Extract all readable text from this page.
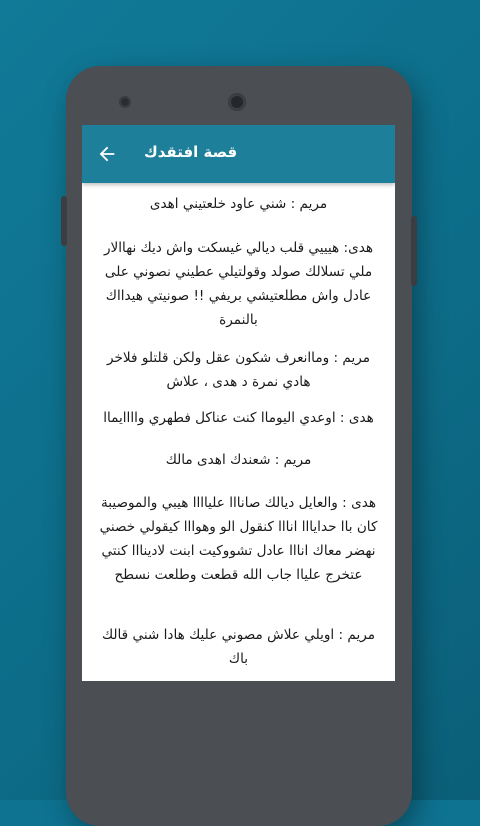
قصة افتقدك

مريم : شني عاود خلعتيني اهدى

هدى: هيييي قلب ديالي غيسكت واش ديك نهاالار ملي تسلالك صولد وقولتيلي عطيني نصوني على عادل واش مطلعتيشي بريفي !! صونيتي هيدااك بالنمرة

مريم : وماانعرف شكون عقل ولكن قلتلو فلاخر هادي نمرة د هدى ، علاش

هدى : اوعدي اليوماا كنت عناكل فطهري واااايماا

مريم : شعندك اهدى مالك

هدى : والعايل ديالك صانااا علياااا هيبي والموصيبة كان باا حدايااا انااا كنقول الو وهوااا كيقولي خصني نهضر معاك انااا عادل تشووكيت ابنت لادينااا كنتي عتخرج علياا جاب الله قطعت وطلعت نسطح

مريم : اويلي علاش مصوني عليك هادا شني قالك باك
